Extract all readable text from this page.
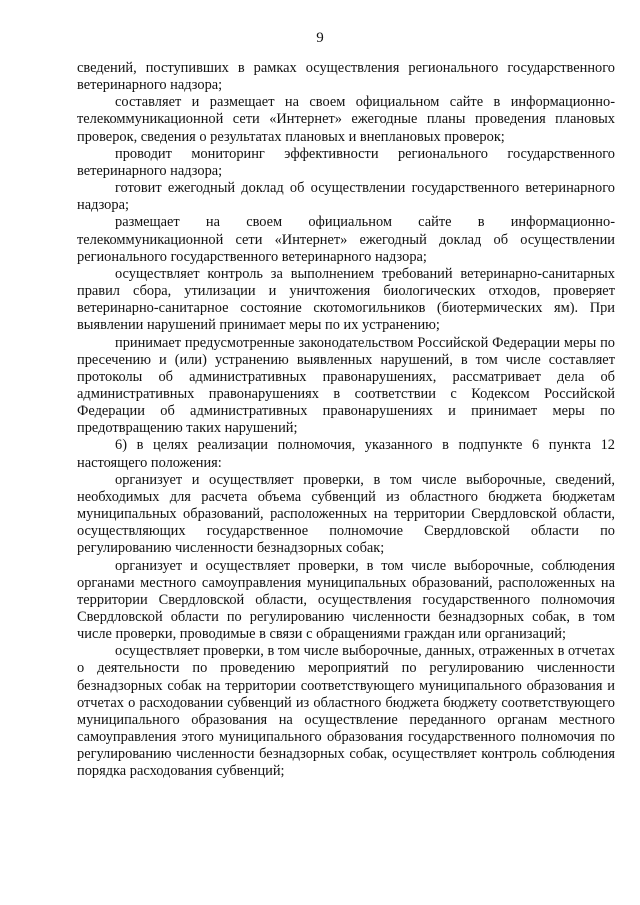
9

сведений, поступивших в рамках осуществления регионального государственного ветеринарного надзора;

составляет и размещает на своем официальном сайте в информационно-телекоммуникационной сети «Интернет» ежегодные планы проведения плановых проверок, сведения о результатах плановых и внеплановых проверок;

проводит мониторинг эффективности регионального государственного ветеринарного надзора;

готовит ежегодный доклад об осуществлении государственного ветеринарного надзора;

размещает на своем официальном сайте в информационно-телекоммуникационной сети «Интернет» ежегодный доклад об осуществлении регионального государственного ветеринарного надзора;

осуществляет контроль за выполнением требований ветеринарно-санитарных правил сбора, утилизации и уничтожения биологических отходов, проверяет ветеринарно-санитарное состояние скотомогильников (биотермических ям). При выявлении нарушений принимает меры по их устранению;

принимает предусмотренные законодательством Российской Федерации меры по пресечению и (или) устранению выявленных нарушений, в том числе составляет протоколы об административных правонарушениях, рассматривает дела об административных правонарушениях в соответствии с Кодексом Российской Федерации об административных правонарушениях и принимает меры по предотвращению таких нарушений;

6) в целях реализации полномочия, указанного в подпункте 6 пункта 12 настоящего положения:

организует и осуществляет проверки, в том числе выборочные, сведений, необходимых для расчета объема субвенций из областного бюджета бюджетам муниципальных образований, расположенных на территории Свердловской области, осуществляющих государственное полномочие Свердловской области по регулированию численности безнадзорных собак;

организует и осуществляет проверки, в том числе выборочные, соблюдения органами местного самоуправления муниципальных образований, расположенных на территории Свердловской области, осуществления государственного полномочия Свердловской области по регулированию численности безнадзорных собак, в том числе проверки, проводимые в связи с обращениями граждан или организаций;

осуществляет проверки, в том числе выборочные, данных, отраженных в отчетах о деятельности по проведению мероприятий по регулированию численности безнадзорных собак на территории соответствующего муниципального образования и отчетах о расходовании субвенций из областного бюджета бюджету соответствующего муниципального образования на осуществление переданного органам местного самоуправления этого муниципального образования государственного полномочия по регулированию численности безнадзорных собак, осуществляет контроль соблюдения порядка расходования субвенций;
